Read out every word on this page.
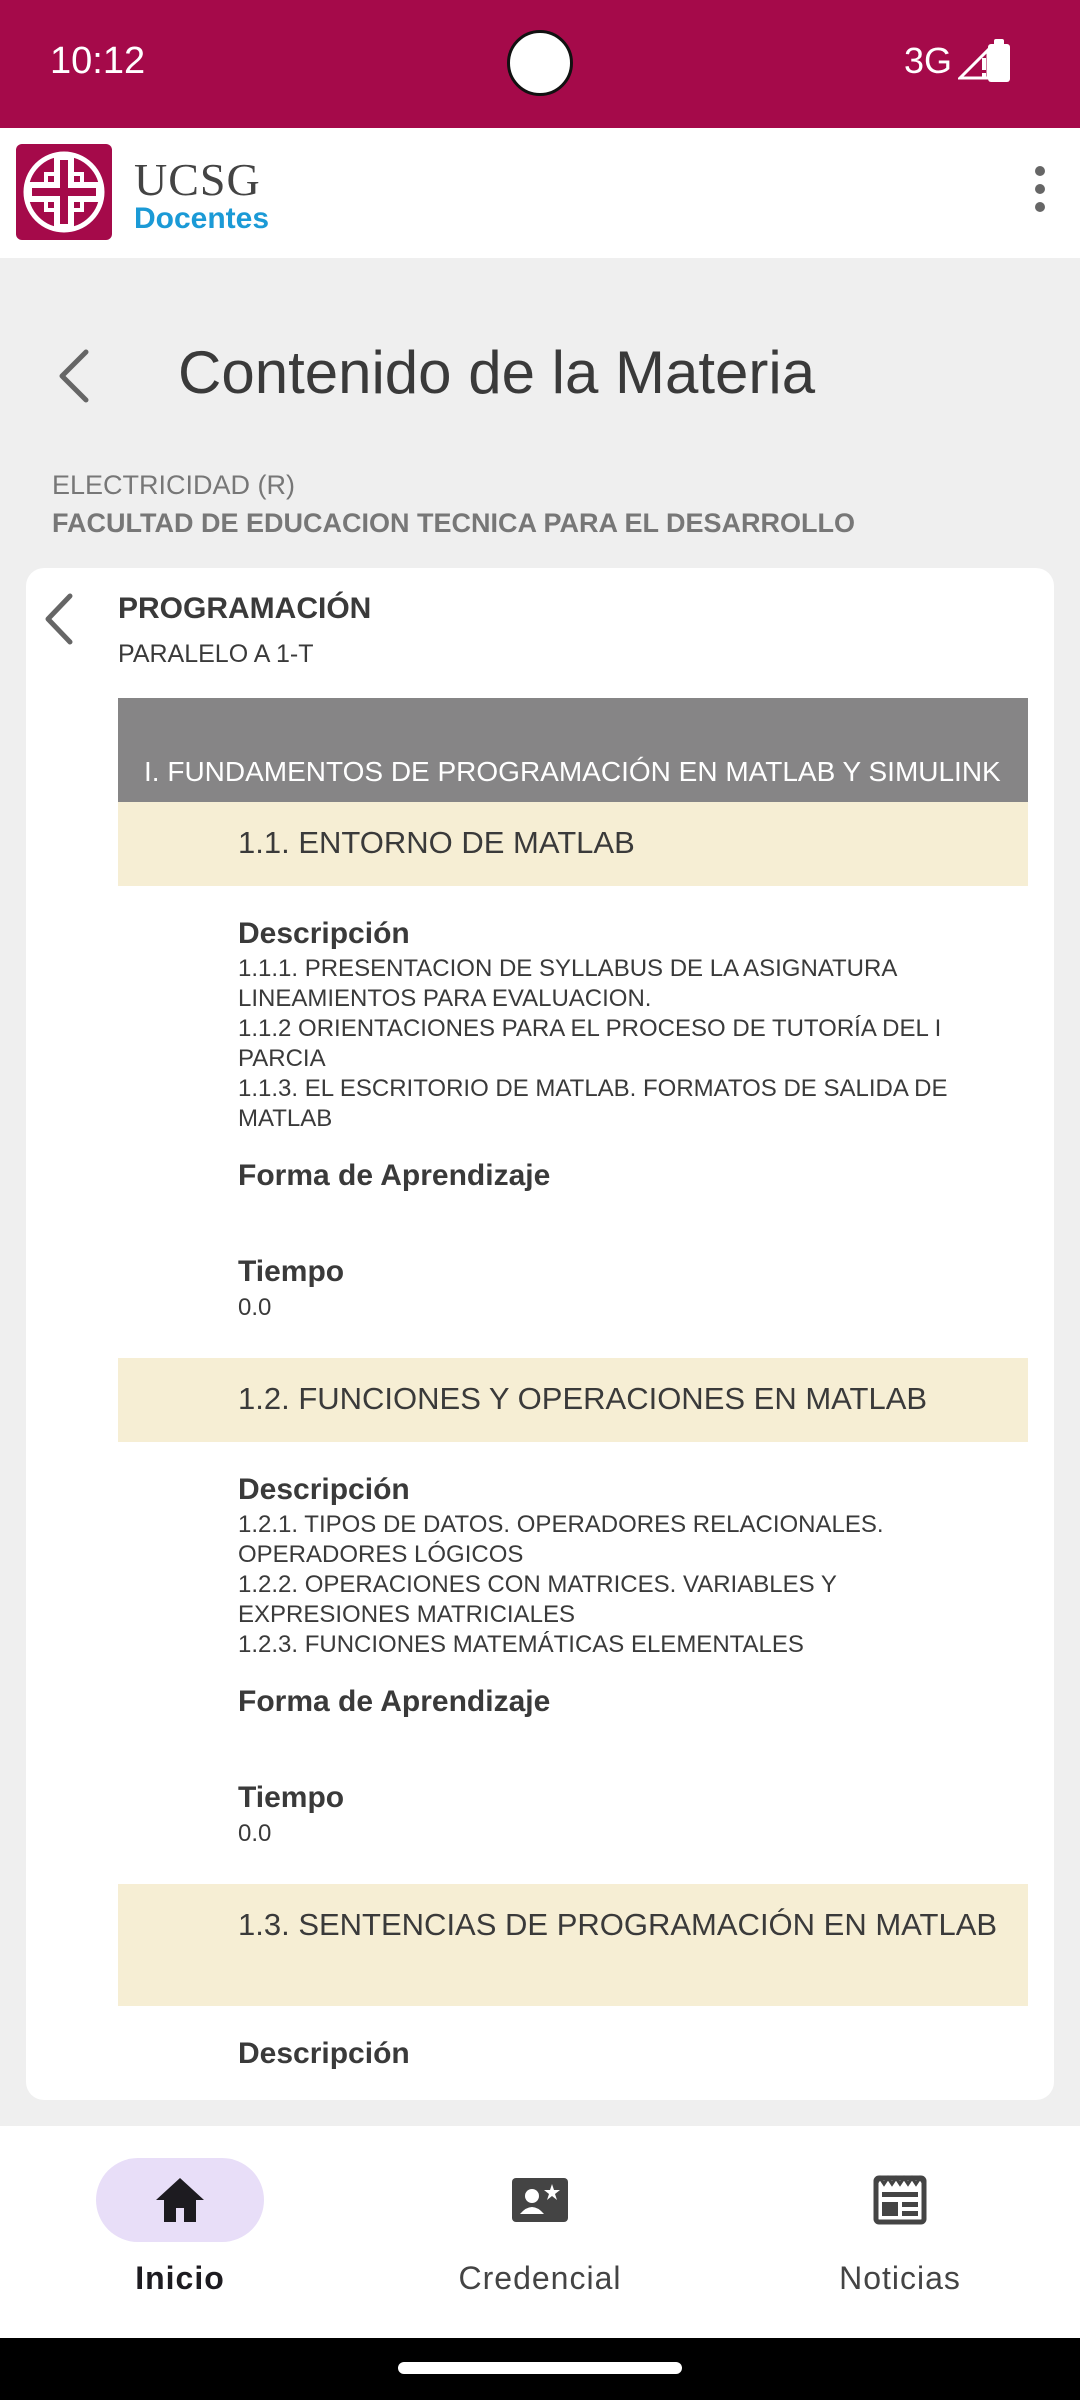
10:12	3G
UCSG
Docentes
Contenido de la Materia
ELECTRICIDAD (R)
FACULTAD DE EDUCACION TECNICA PARA EL DESARROLLO
PROGRAMACIÓN
PARALELO A 1-T
I. FUNDAMENTOS DE PROGRAMACIÓN EN MATLAB Y SIMULINK
1.1. ENTORNO DE MATLAB
Descripción
1.1.1. PRESENTACION DE SYLLABUS DE LA ASIGNATURA
LINEAMIENTOS PARA EVALUACION.
1.1.2 ORIENTACIONES PARA EL PROCESO DE TUTORÍA DEL I
PARCIA
1.1.3. EL ESCRITORIO DE MATLAB. FORMATOS DE SALIDA DE
MATLAB
Forma de Aprendizaje
Tiempo
0.0
1.2. FUNCIONES Y OPERACIONES EN MATLAB
Descripción
1.2.1. TIPOS DE DATOS. OPERADORES RELACIONALES.
OPERADORES LÓGICOS
1.2.2. OPERACIONES CON MATRICES. VARIABLES Y
EXPRESIONES MATRICIALES
1.2.3. FUNCIONES MATEMÁTICAS ELEMENTALES
Forma de Aprendizaje
Tiempo
0.0
1.3. SENTENCIAS DE PROGRAMACIÓN EN MATLAB
Descripción
Inicio	Credencial	Noticias
